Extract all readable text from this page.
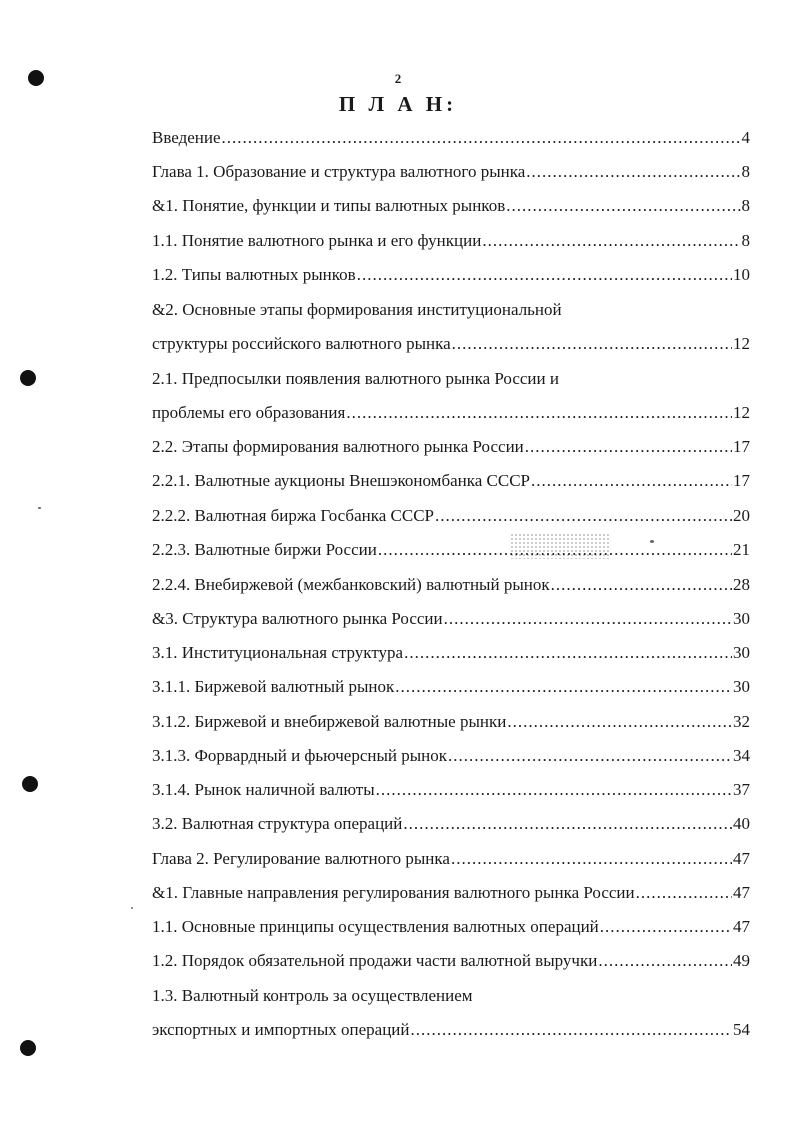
2
П Л А Н:
Введение .....	4
Глава 1. Образование и структура валютного рынка .....	8
&1. Понятие, функции и типы валютных рынков .....	8
1.1. Понятие валютного рынка и его функции .....	8
1.2. Типы валютных рынков .....	10
&2. Основные этапы формирования институциональной
структуры российского валютного рынка .....	12
2.1. Предпосылки появления валютного рынка России и
проблемы его образования .....	12
2.2. Этапы формирования валютного рынка России .....	17
2.2.1. Валютные аукционы Внешэкономбанка СССР .....	17
2.2.2. Валютная биржа Госбанка СССР .....	20
2.2.3. Валютные биржи России .....	21
2.2.4. Внебиржевой (межбанковский) валютный рынок .....	28
&3. Структура валютного рынка России .....	30
3.1. Институциональная структура .....	30
3.1.1. Биржевой валютный рынок .....	30
3.1.2. Биржевой и внебиржевой валютные рынки .....	32
3.1.3. Форвардный и фьючерсный рынок .....	34
3.1.4. Рынок наличной валюты .....	37
3.2. Валютная структура операций .....	40
Глава 2. Регулирование валютного рынка .....	47
&1. Главные направления регулирования валютного рынка России .....	47
1.1. Основные принципы осуществления валютных операций .....	47
1.2. Порядок обязательной продажи части валютной выручки .....	49
1.3. Валютный контроль за осуществлением
экспортных и импортных операций .....	54
